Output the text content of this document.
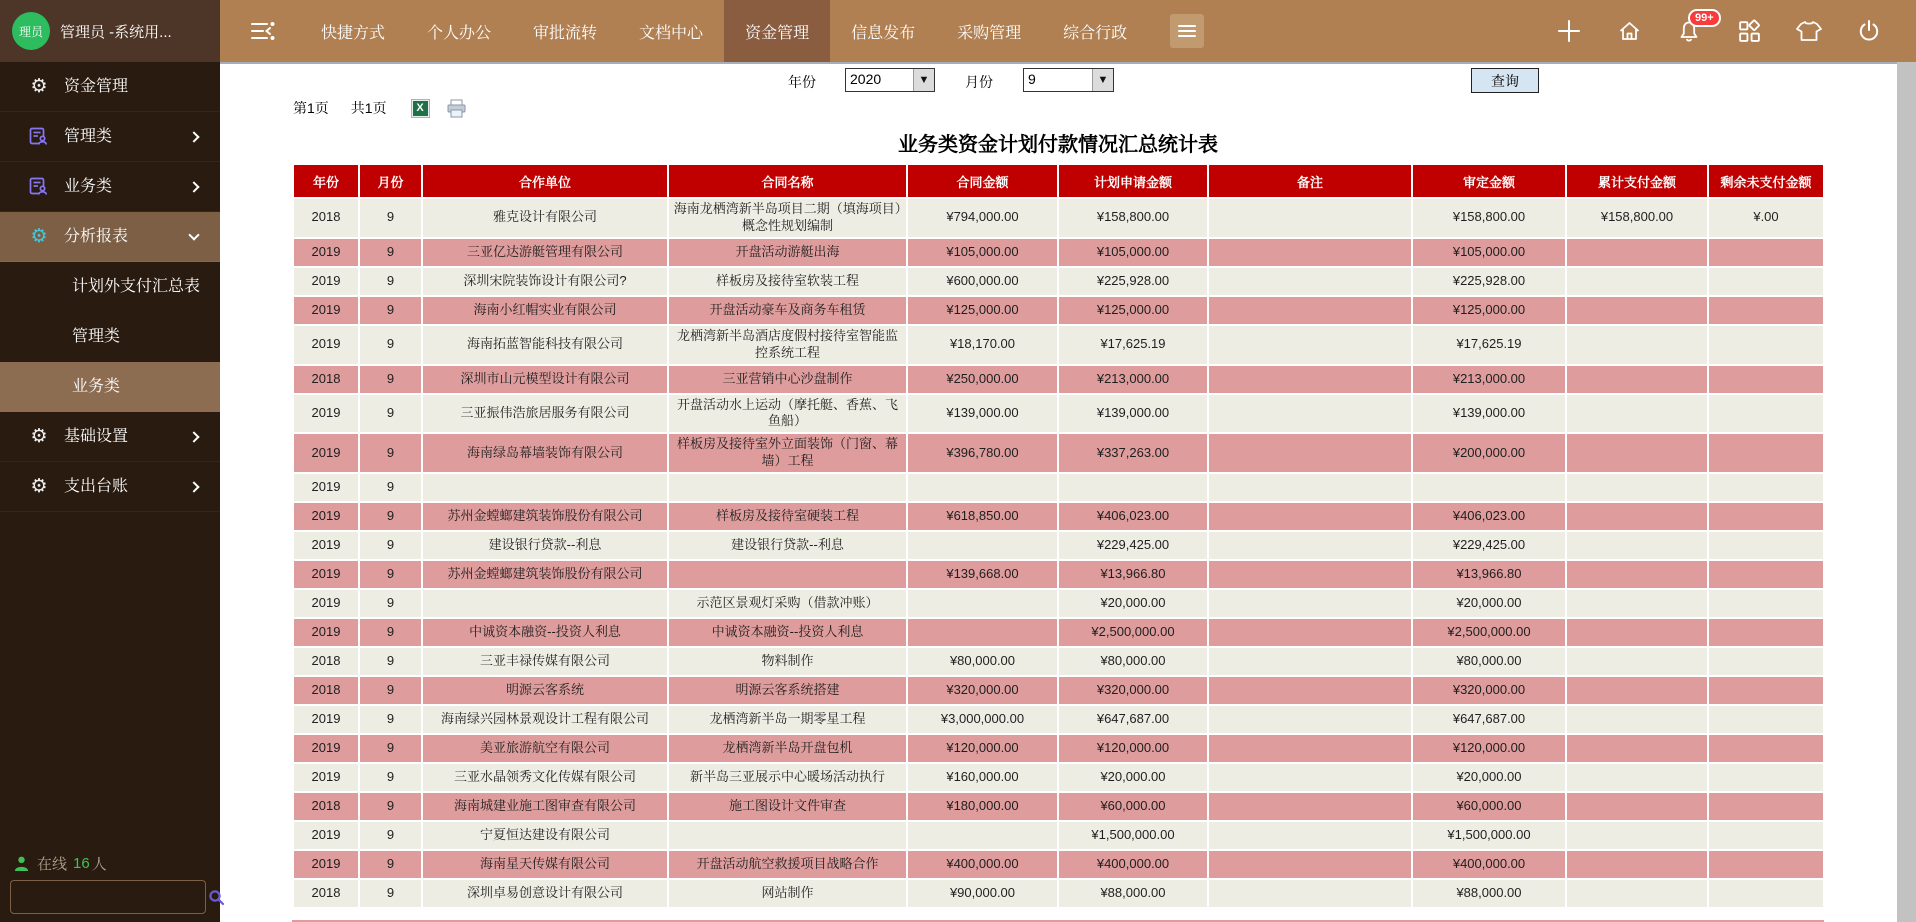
理员	管理员 -系统用...	快捷方式	个人办公	审批流转	文档中心	资金管理	信息发布	采购管理	综合行政
99+
⚙ 资金管理
管理类
业务类
⚙ 分析报表
计划外支付汇总表
管理类
业务类
⚙ 基础设置
⚙ 支出台账
在线 16 人
年份 2020 ▼	月份	9 ▼	查询
第1页 共1页	X
业务类资金计划付款情况汇总统计表
年份	月份	合作单位	合同名称	合同金额	计划申请金额	备注	审定金额	累计支付金额	剩余未支付金额
2018	9	雅克设计有限公司	海南龙栖湾新半岛项目二期（填海项目）概念性规划编制	¥794,000.00	¥158,800.00		¥158,800.00	¥158,800.00	¥.00
2019	9	三亚亿达游艇管理有限公司	开盘活动游艇出海	¥105,000.00	¥105,000.00		¥105,000.00		
2019	9	深圳宋院装饰设计有限公司?	样板房及接待室软装工程	¥600,000.00	¥225,928.00		¥225,928.00		
2019	9	海南小红帽实业有限公司	开盘活动豪车及商务车租赁	¥125,000.00	¥125,000.00		¥125,000.00		
2019	9	海南拓蓝智能科技有限公司	龙栖湾新半岛酒店度假村接待室智能监控系统工程	¥18,170.00	¥17,625.19		¥17,625.19		
2018	9	深圳市山元模型设计有限公司	三亚营销中心沙盘制作	¥250,000.00	¥213,000.00		¥213,000.00		
2019	9	三亚振伟浩旅居服务有限公司	开盘活动水上运动（摩托艇、香蕉、飞鱼船）	¥139,000.00	¥139,000.00		¥139,000.00		
2019	9	海南绿岛幕墙装饰有限公司	样板房及接待室外立面装饰（门窗、幕墙）工程	¥396,780.00	¥337,263.00		¥200,000.00		
2019	9								
2019	9	苏州金螳螂建筑装饰股份有限公司	样板房及接待室硬装工程	¥618,850.00	¥406,023.00		¥406,023.00		
2019	9	建设银行贷款--利息	建设银行贷款--利息		¥229,425.00		¥229,425.00		
2019	9	苏州金螳螂建筑装饰股份有限公司		¥139,668.00	¥13,966.80		¥13,966.80		
2019	9		示范区景观灯采购（借款冲账）		¥20,000.00		¥20,000.00		
2019	9	中诚资本融资--投资人利息	中诚资本融资--投资人利息		¥2,500,000.00		¥2,500,000.00		
2018	9	三亚丰禄传媒有限公司	物料制作	¥80,000.00	¥80,000.00		¥80,000.00		
2018	9	明源云客系统	明源云客系统搭建	¥320,000.00	¥320,000.00		¥320,000.00		
2019	9	海南绿兴园林景观设计工程有限公司	龙栖湾新半岛一期零星工程	¥3,000,000.00	¥647,687.00		¥647,687.00		
2019	9	美亚旅游航空有限公司	龙栖湾新半岛开盘包机	¥120,000.00	¥120,000.00		¥120,000.00		
2019	9	三亚水晶领秀文化传媒有限公司	新半岛三亚展示中心暖场活动执行	¥160,000.00	¥20,000.00		¥20,000.00		
2018	9	海南城建业施工图审查有限公司	施工图设计文件审查	¥180,000.00	¥60,000.00		¥60,000.00		
2019	9	宁夏恒达建设有限公司			¥1,500,000.00		¥1,500,000.00		
2019	9	海南星天传媒有限公司	开盘活动航空救援项目战略合作	¥400,000.00	¥400,000.00		¥400,000.00		
2018	9	深圳卓易创意设计有限公司	网站制作	¥90,000.00	¥88,000.00		¥88,000.00		
